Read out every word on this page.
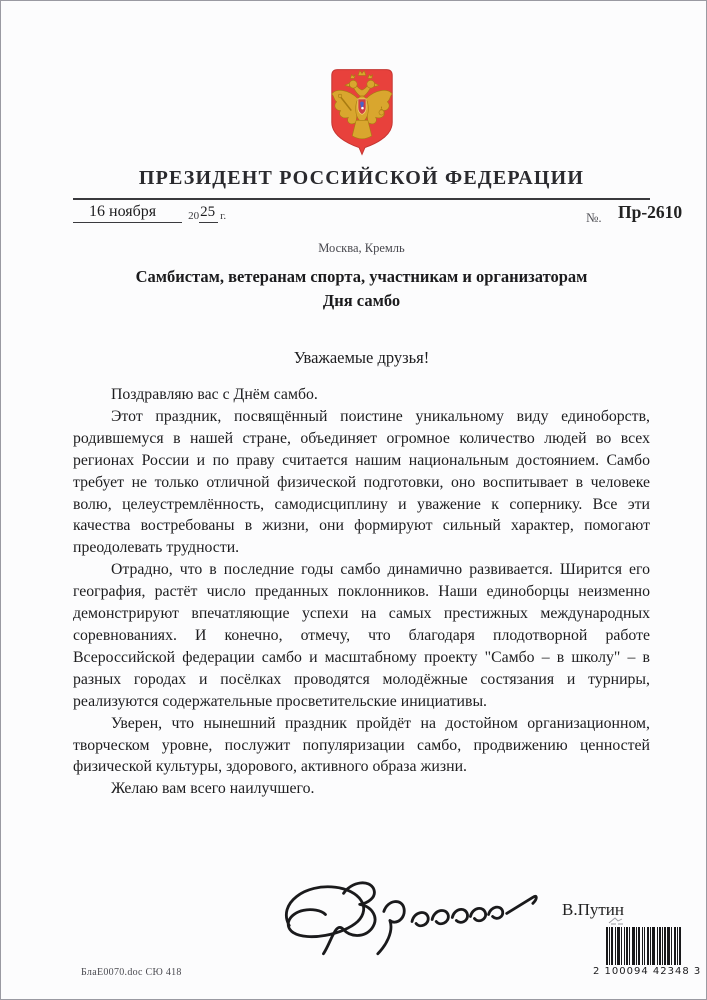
ПРЕЗИДЕНТ РОССИЙСКОЙ ФЕДЕРАЦИИ
16 ноября	2025 г.	№. Пр-2610
Москва, Кремль
Самбистам, ветеранам спорта, участникам и организаторам
Дня самбо
Уважаемые друзья!

Поздравляю вас с Днём самбо.

Этот праздник, посвящённый поистине уникальному виду единоборств, родившемуся в нашей стране, объединяет огромное количество людей во всех регионах России и по праву считается нашим национальным достоянием. Самбо требует не только отличной физической подготовки, оно воспитывает в человеке волю, целеустремлённость, самодисциплину и уважение к сопернику. Все эти качества востребованы в жизни, они формируют сильный характер, помогают преодолевать трудности.

Отрадно, что в последние годы самбо динамично развивается. Ширится его география, растёт число преданных поклонников. Наши единоборцы неизменно демонстрируют впечатляющие успехи на самых престижных международных соревнованиях. И конечно, отмечу, что благодаря плодотворной работе Всероссийской федерации самбо и масштабному проекту "Самбо – в школу" – в разных городах и посёлках проводятся молодёжные состязания и турниры, реализуются содержательные просветительские инициативы.

Уверен, что нынешний праздник пройдёт на достойном организационном, творческом уровне, послужит популяризации самбо, продвижению ценностей физической культуры, здорового, активного образа жизни.

Желаю вам всего наилучшего.

В.Путин
БлаЕ0070.doc СЮ 418	2 100094 42348 3
